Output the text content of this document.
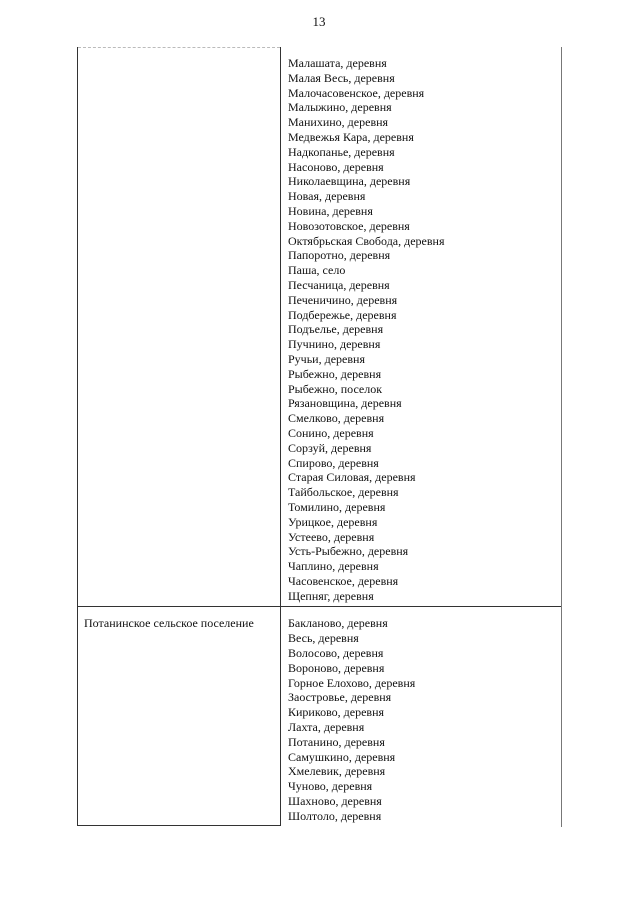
13
Малашата, деревня
Малая Весь, деревня
Малочасовенское, деревня
Малыжино, деревня
Манихино, деревня
Медвежья Кара, деревня
Надкопанье, деревня
Насоново, деревня
Николаевщина, деревня
Новая, деревня
Новина, деревня
Новозотовское, деревня
Октябрьская Свобода, деревня
Папоротно, деревня
Паша, село
Песчаница, деревня
Печеничино, деревня
Подбережье, деревня
Подъелье, деревня
Пучнино, деревня
Ручьи, деревня
Рыбежно, деревня
Рыбежно, поселок
Рязановщина, деревня
Смелково, деревня
Сонино, деревня
Сорзуй, деревня
Спирово, деревня
Старая Силовая, деревня
Тайбольское, деревня
Томилино, деревня
Урицкое, деревня
Устеево, деревня
Усть-Рыбежно, деревня
Чаплино, деревня
Часовенское, деревня
Щепняг, деревня
Потанинское сельское поселение	Бакланово, деревня
Весь, деревня
Волосово, деревня
Вороново, деревня
Горное Елохово, деревня
Заостровье, деревня
Кириково, деревня
Лахта, деревня
Потанино, деревня
Самушкино, деревня
Хмелевик, деревня
Чуново, деревня
Шахново, деревня
Шолтоло, деревня
